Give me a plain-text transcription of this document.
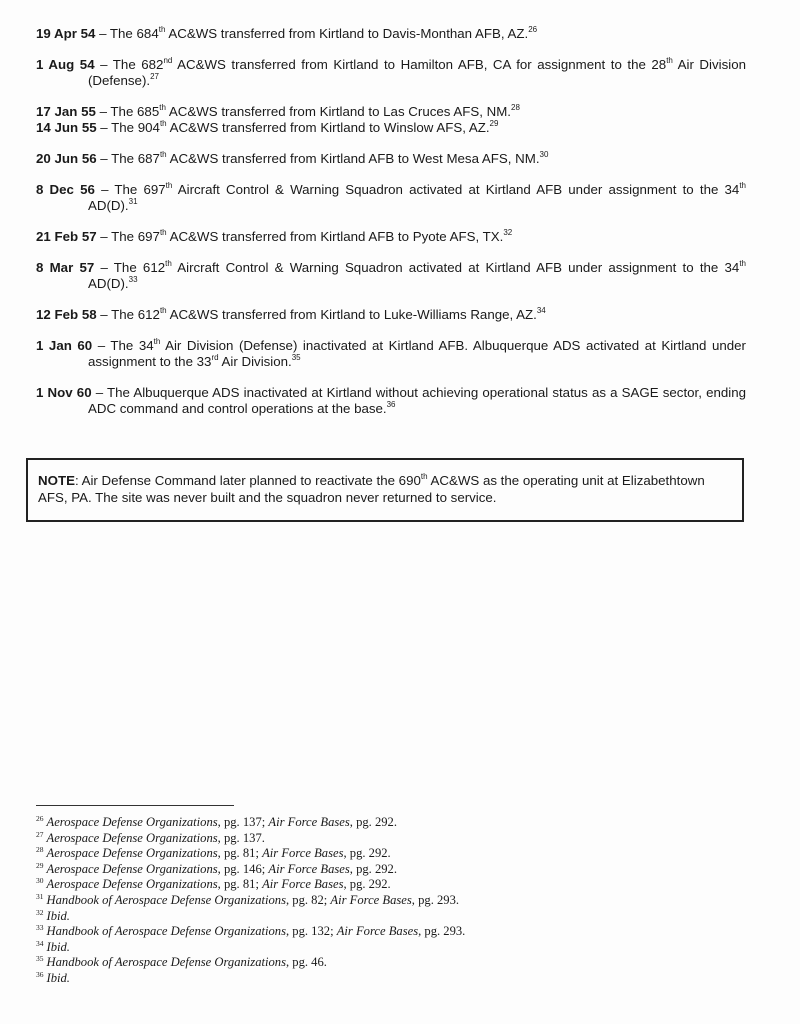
19 Apr 54 – The 684th AC&WS transferred from Kirtland to Davis-Monthan AFB, AZ.$^{26}$

1 Aug 54 – The 682nd AC&WS transferred from Kirtland to Hamilton AFB, CA for assignment to the 28th Air Division (Defense).$^{27}$

17 Jan 55 – The 685th AC&WS transferred from Kirtland to Las Cruces AFS, NM.$^{28}$

14 Jun 55 – The 904th AC&WS transferred from Kirtland to Winslow AFS, AZ.$^{29}$

20 Jun 56 – The 687th AC&WS transferred from Kirtland AFB to West Mesa AFS, NM.$^{30}$

8 Dec 56 – The 697th Aircraft Control & Warning Squadron activated at Kirtland AFB under assignment to the 34th AD(D).$^{31}$

21 Feb 57 – The 697th AC&WS transferred from Kirtland AFB to Pyote AFS, TX.$^{32}$

8 Mar 57 – The 612th Aircraft Control & Warning Squadron activated at Kirtland AFB under assignment to the 34th AD(D).$^{33}$

12 Feb 58 – The 612th AC&WS transferred from Kirtland to Luke-Williams Range, AZ.$^{34}$

1 Jan 60 – The 34th Air Division (Defense) inactivated at Kirtland AFB. Albuquerque ADS activated at Kirtland under assignment to the 33rd Air Division.$^{35}$

1 Nov 60 – The Albuquerque ADS inactivated at Kirtland without achieving operational status as a SAGE sector, ending ADC command and control operations at the base.$^{36}$

NOTE: Air Defense Command later planned to reactivate the 690th AC&WS as the operating unit at Elizabethtown AFS, PA. The site was never built and the squadron never returned to service.
$^{26}$ Aerospace Defense Organizations, pg. 137; Air Force Bases, pg. 292.
$^{27}$ Aerospace Defense Organizations, pg. 137.
$^{28}$ Aerospace Defense Organizations, pg. 81; Air Force Bases, pg. 292.
$^{29}$ Aerospace Defense Organizations, pg. 146; Air Force Bases, pg. 292.
$^{30}$ Aerospace Defense Organizations, pg. 81; Air Force Bases, pg. 292.
$^{31}$ Handbook of Aerospace Defense Organizations, pg. 82; Air Force Bases, pg. 293.
$^{32}$ Ibid.
$^{33}$ Handbook of Aerospace Defense Organizations, pg. 132; Air Force Bases, pg. 293.
$^{34}$ Ibid.
$^{35}$ Handbook of Aerospace Defense Organizations, pg. 46.
$^{36}$ Ibid.
